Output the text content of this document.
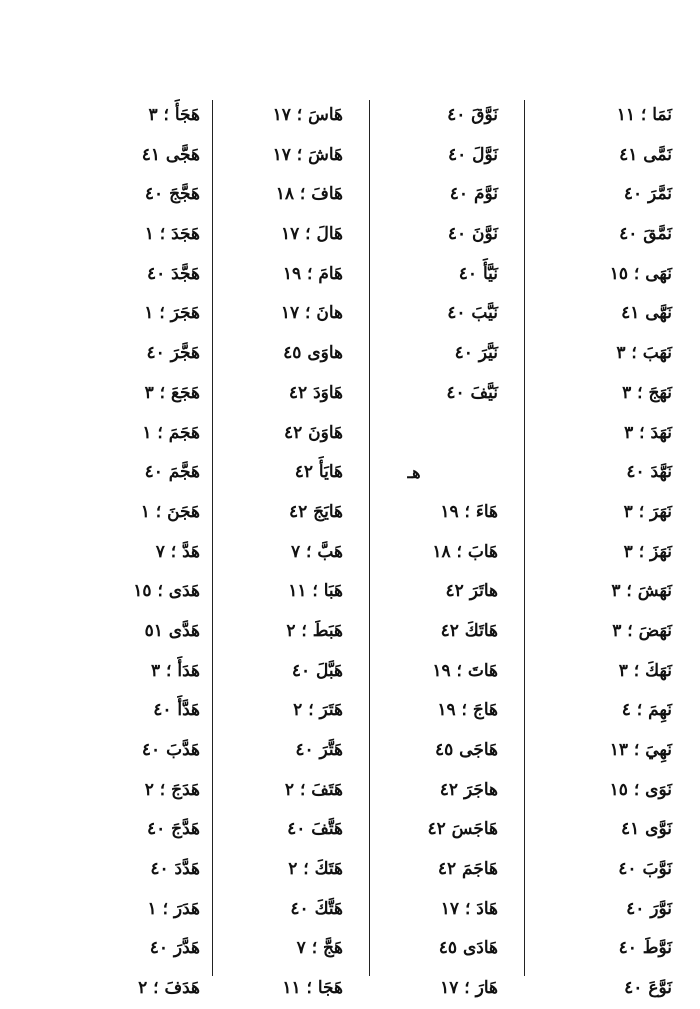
نَمَا ؛ ١١
نَمَّى ٤١
نَمَّرَ ٤٠
نَمَّقَ ٤٠
نَهَى ؛ ١٥
نَهَّى ٤١
نَهَبَ ؛ ٣
نَهَجَ ؛ ٣
نَهَدَ ؛ ٣
نَهَّدَ ٤٠
نَهَرَ ؛ ٣
نَهَزَ ؛ ٣
نَهَشَ ؛ ٣
نَهَضَ ؛ ٣
نَهَكَ ؛ ٣
نَهِمَ ؛ ٤
نَهِيَ ؛ ١٣
نَوَى ؛ ١٥
نَوَّى ٤١
نَوَّبَ ٤٠
نَوَّرَ ٤٠
نَوَّطَ ٤٠
نَوَّعَ ٤٠
نَوَّقَ ٤٠
نَوَّلَ ٤٠
نَوَّمَ ٤٠
نَوَّنَ ٤٠
نَيَّأَ ٤٠
نَيَّبَ ٤٠
نَيَّرَ ٤٠
نَيَّفَ ٤٠
هـ
هَاءَ ؛ ١٩
هَابَ ؛ ١٨
هاتَرَ ٤٢
هَاتَكَ ٤٢
هَاتَ ؛ ١٩
هَاجَ ؛ ١٩
هَاجَى ٤٥
هاجَرَ ٤٢
هَاجَسَ ٤٢
هَاجَمَ ٤٢
هَادَ ؛ ١٧
هَادَى ٤٥
هَارَ ؛ ١٧
هَاسَ ؛ ١٧
هَاشَ ؛ ١٧
هَافَ ؛ ١٨
هَالَ ؛ ١٧
هَامَ ؛ ١٩
هانَ ؛ ١٧
هاوَى ٤٥
هَاوَدَ ٤٢
هَاوَنَ ٤٢
هَايَأَ ٤٢
هَايَجَ ٤٢
هَبَّ ؛ ٧
هَبَا ؛ ١١
هَبَطَ ؛ ٢
هَبَّلَ ٤٠
هَتَرَ ؛ ٢
هَتَّرَ ٤٠
هَتَفَ ؛ ٢
هَتَّفَ ٤٠
هَتَكَ ؛ ٢
هَتَّكَ ٤٠
هَجَّ ؛ ٧
هَجَا ؛ ١١
هَجَأَ ؛ ٣
هَجَّى ٤١
هَجَّجَ ٤٠
هَجَدَ ؛ ١
هَجَّدَ ٤٠
هَجَرَ ؛ ١
هَجَّرَ ٤٠
هَجَعَ ؛ ٣
هَجَمَ ؛ ١
هَجَّمَ ٤٠
هَجَنَ ؛ ١
هَدَّ ؛ ٧
هَدَى ؛ ١٥
هَدَّى ٥١
هَدَأَ ؛ ٣
هَدَّأَ ٤٠
هَدَّبَ ٤٠
هَدَجَ ؛ ٢
هَدَّجَ ٤٠
هَدَّدَ ٤٠
هَدَرَ ؛ ١
هَدَّرَ ٤٠
هَدَفَ ؛ ٢
